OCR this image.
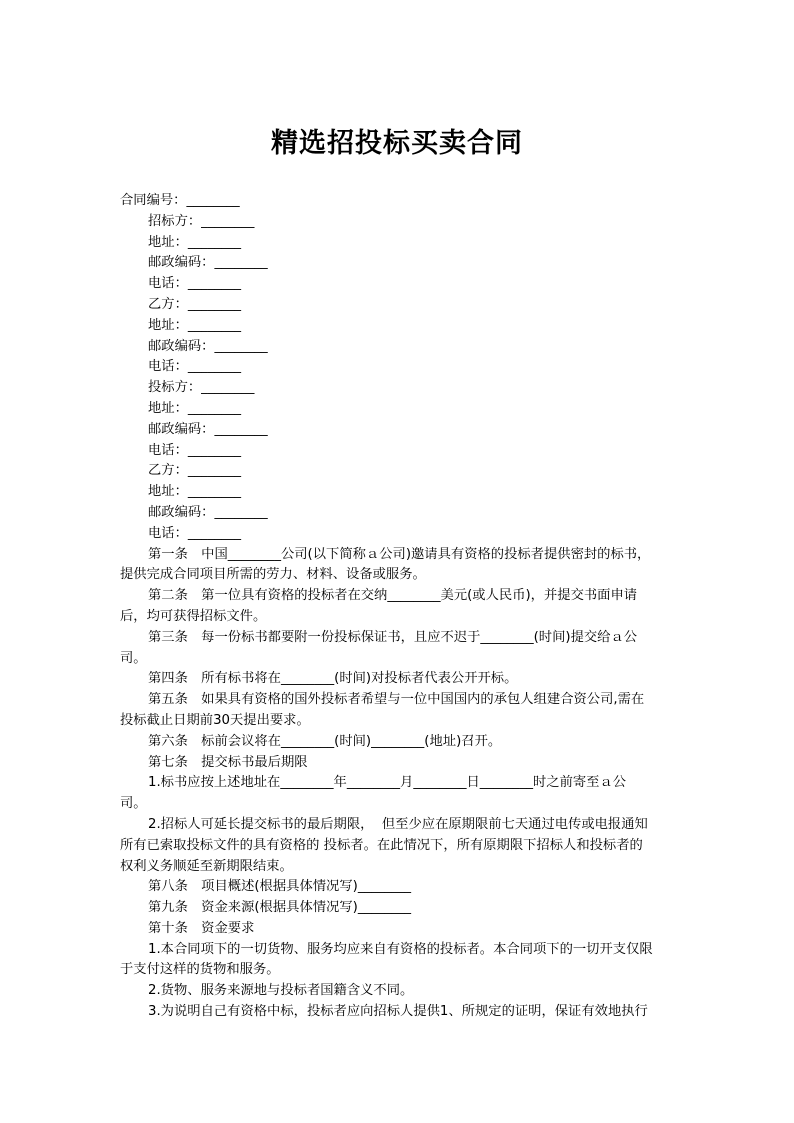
精选招投标买卖合同
合同编号：________
招标方：________
地址：________
邮政编码：________
电话：________
乙方：________
地址：________
邮政编码：________
电话：________
投标方：________
地址：________
邮政编码：________
电话：________
乙方：________
地址：________
邮政编码：________
电话：________
第一条　中国________公司(以下简称ａ公司)邀请具有资格的投标者提供密封的标书，
提供完成合同项目所需的劳力、材料、设备或服务。
第二条　第一位具有资格的投标者在交纳________美元(或人民币)，并提交书面申请
后，均可获得招标文件。
第三条　每一份标书都要附一份投标保证书，且应不迟于________(时间)提交给ａ公
司。
第四条　所有标书将在________(时间)对投标者代表公开开标。
第五条　如果具有资格的国外投标者希望与一位中国国内的承包人组建合资公司,需在
投标截止日期前30天提出要求。
第六条　标前会议将在________(时间)________(地址)召开。
第七条　提交标书最后期限
1.标书应按上述地址在________年________月________日________时之前寄至ａ公
司。
2.招标人可延长提交标书的最后期限，  但至少应在原期限前七天通过电传或电报通知
所有已索取投标文件的具有资格的 投标者。在此情况下，所有原期限下招标人和投标者的
权利义务顺延至新期限结束。
第八条　项目概述(根据具体情况写)________
第九条　资金来源(根据具体情况写)________
第十条　资金要求
1.本合同项下的一切货物、服务均应来自有资格的投标者。本合同项下的一切开支仅限
于支付这样的货物和服务。
2.货物、服务来源地与投标者国籍含义不同。
3.为说明自己有资格中标，投标者应向招标人提供1、所规定的证明，保证有效地执行
